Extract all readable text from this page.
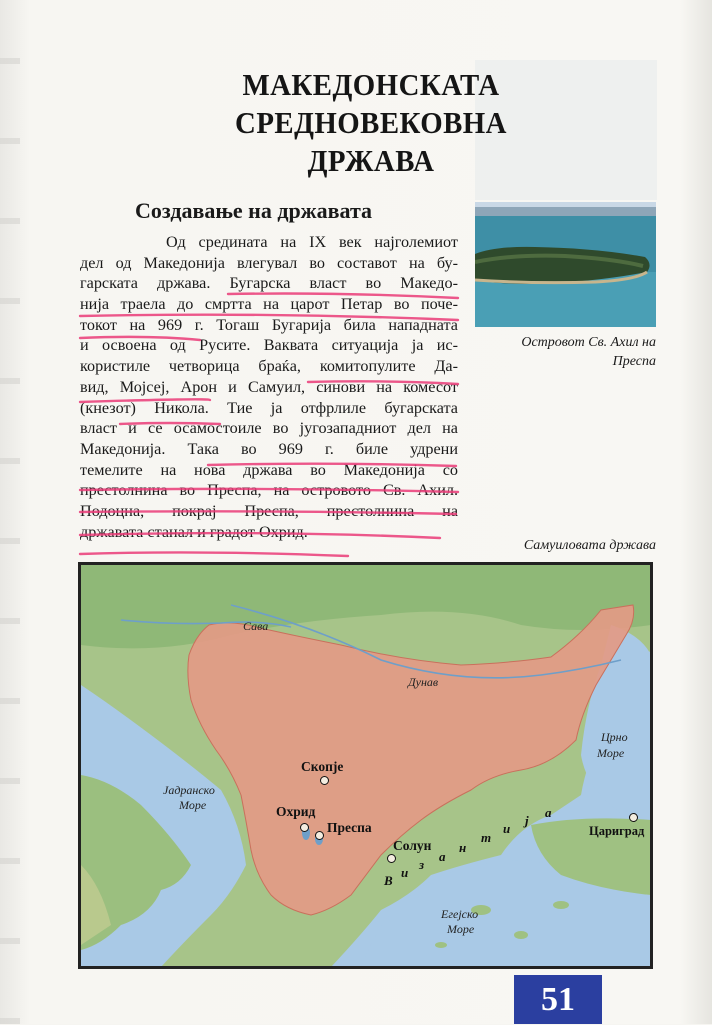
МАКЕДОНСКАТА СРЕДНОВЕКОВНА
ДРЖАВА
Создавање на државата
Од средината на IX век најголемиот
дел од Македонија влегувал во составот на бу-
гарската држава. Бугарска власт во Македо-
нија траела до смртта на царот Петар во поче-
токот на 969 г. Тогаш Бугарија била нападната
и освоена од Русите. Ваквата ситуација ја ис-
користиле четворица браќа, комитопулите Да-
вид, Мојсеј, Арон и Самуил, синови на комесот
(кнезот) Никола. Тие ја отфрлиле бугарската
власт и се осамостоиле во југозападниот дел на
Македонија. Така во 969 г. биле удрени
темелите на нова држава во Македонија со
престолнина во Преспа, на островото Св. Ахил.
Подоцна, покрај Преспа, престолнина на
државата станал и градот Охрид.
Островот Св. Ахил на
Преспа
Самуиловата држава
Сава
Дунав
Јадранско
Море
Црно
Море
Егејско
Море
Скопје
Охрид
Преспа
Солун
Цариград
В
и
з
а
н
т
и
ј
а
51
